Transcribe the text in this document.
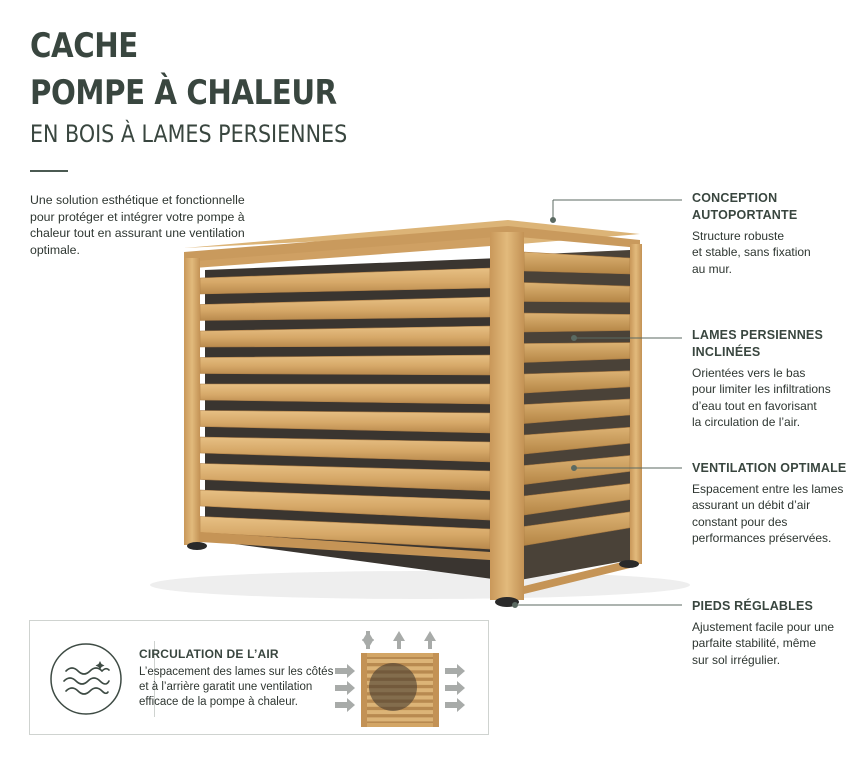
CACHE
POMPE À CHALEUR
EN BOIS À LAMES PERSIENNES
Une solution esthétique et fonctionnelle pour protéger et intégrer votre pompe à chaleur tout en assurant une ventilation optimale.
CONCEPTION
AUTOPORTANTE
Structure robuste
et stable, sans fixation
au mur.
LAMES PERSIENNES
INCLINÉES
Orientées vers le bas
pour limiter les infiltrations
d’eau tout en favorisant
la circulation de l’air.
VENTILATION OPTIMALE
Espacement entre les lames
assurant un débit d’air
constant pour des
performances préservées.
PIEDS RÉGLABLES
Ajustement facile pour une
parfaite stabilité, même
sur sol irrégulier.
CIRCULATION DE L’AIR
L’espacement des lames sur les côtés et à l’arrière garatit une ventilation efficace de la pompe à chaleur.
